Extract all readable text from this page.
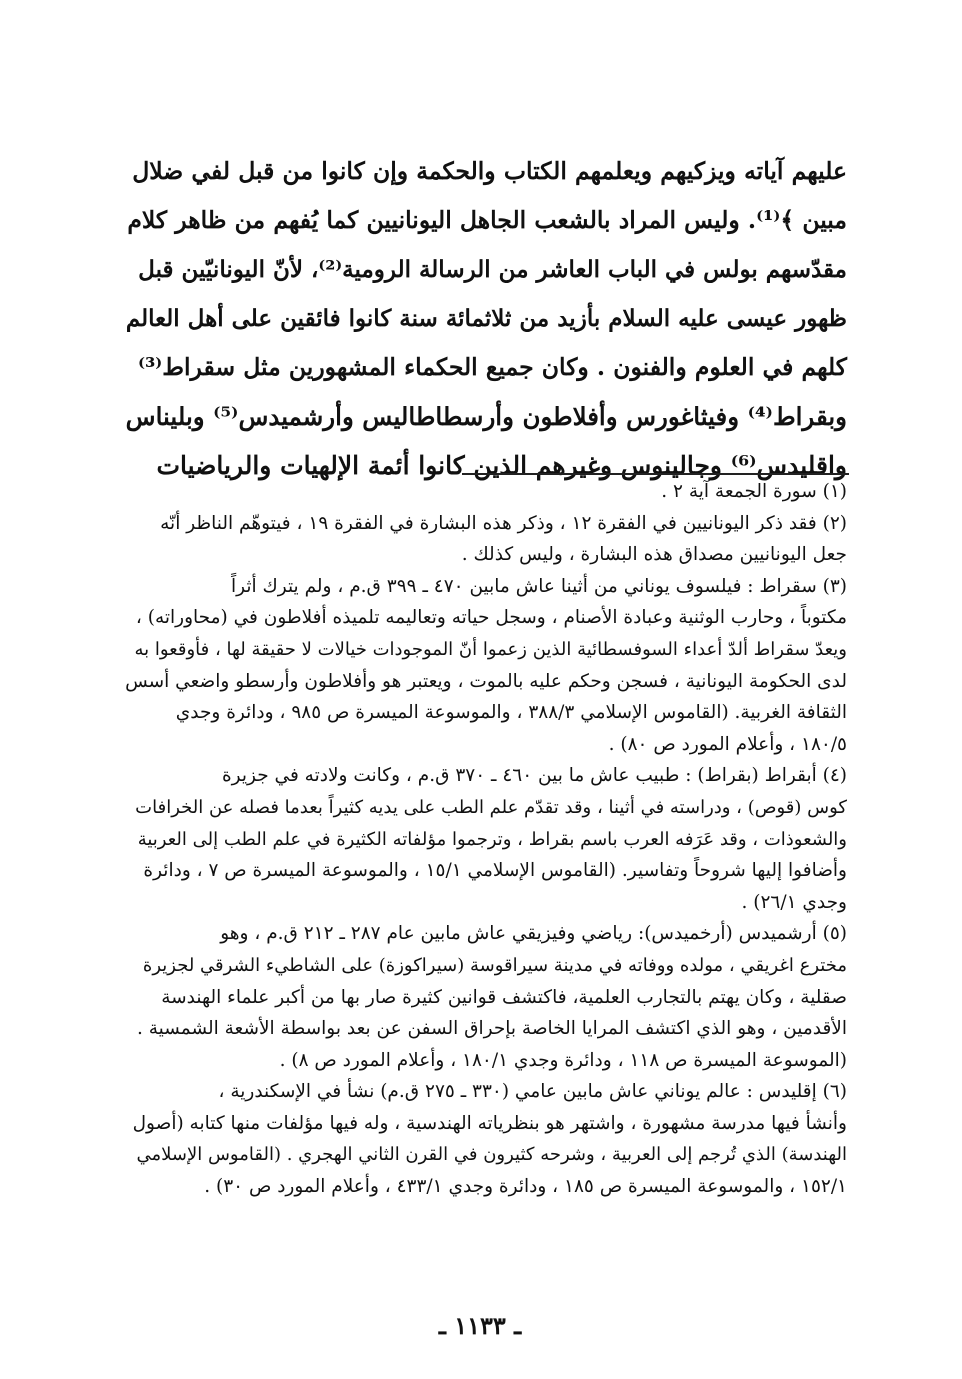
عليهم آياته ويزكيهم ويعلمهم الكتاب والحكمة وإن كانوا من قبل لفي ضلال
مبين ﴾⁽¹⁾. وليس المراد بالشعب الجاهل اليونانيين كما يُفهم من ظاهر كلام
مقدّسهم بولس في الباب العاشر من الرسالة الرومية⁽²⁾، لأنّ اليونانيّين قبل
ظهور عيسى عليه السلام بأزيد من ثلاثمائة سنة كانوا فائقين على أهل العالم
كلهم في العلوم والفنون . وكان جميع الحكماء المشهورين مثل سقراط⁽³⁾
وبقراط⁽⁴⁾ وفيثاغورس وأفلاطون وأرسطاطاليس وأرشميدس⁽⁵⁾ وبليناس
واقليدس⁽⁶⁾ وجالينوس وغيرهم الذين كانوا أئمة الإلهيات والرياضيات
(١) سورة الجمعة آية ٢ .
(٢) فقد ذكر اليونانيين في الفقرة ١٢ ، وذكر هذه البشارة في الفقرة ١٩ ، فيتوهّم الناظر أنّه
جعل اليونانيين مصداق هذه البشارة ، وليس كذلك .
(٣) سقراط : فيلسوف يوناني من أثينا عاش مابين ٤٧٠ ـ ٣٩٩ ق.م ، ولم يترك أثراً
مكتوباً ، وحارب الوثنية وعبادة الأصنام ، وسجل حياته وتعاليمه تلميذه أفلاطون في (محاوراته) ،
ويعدّ سقراط ألدّ أعداء السوفسطائية الذين زعموا أنّ الموجودات خيالات لا حقيقة لها ، فأوقعوا به
لدى الحكومة اليونانية ، فسجن وحكم عليه بالموت ، ويعتبر هو وأفلاطون وأرسطو واضعي أسس
الثقافة الغربية. (القاموس الإسلامي ٣٨٨/٣ ، والموسوعة الميسرة ص ٩٨٥ ، ودائرة وجدي
١٨٠/٥ ، وأعلام المورد ص ٨٠) .
(٤) أبقراط (بقراط) : طبيب عاش ما بين ٤٦٠ ـ ٣٧٠ ق.م ، وكانت ولادته في جزيرة
كوس (قوص) ، ودراسته في أثينا ، وقد تقدّم علم الطب على يديه كثيراً بعدما فصله عن الخرافات
والشعوذات ، وقد عَرَفه العرب باسم بقراط ، وترجموا مؤلفاته الكثيرة في علم الطب إلى العربية
وأضافوا إليها شروحاً وتفاسير. (القاموس الإسلامي ١٥/١ ، والموسوعة الميسرة ص ٧ ، ودائرة
وجدي ٢٦/١) .
(٥) أرشميدس (أرخميدس): رياضي وفيزيقي عاش مابين عام ٢٨٧ ـ ٢١٢ ق.م ، وهو
مخترع اغريقي ، مولده ووفاته في مدينة سيراقوسة (سيراكوزة) على الشاطيء الشرقي لجزيرة
صقلية ، وكان يهتم بالتجارب العلمية، فاكتشف قوانين كثيرة صار بها من أكبر علماء الهندسة
الأقدمين ، وهو الذي اكتشف المرايا الخاصة بإحراق السفن عن بعد بواسطة الأشعة الشمسية .
(الموسوعة الميسرة ص ١١٨ ، ودائرة وجدي ١٨٠/١ ، وأعلام المورد ص ٨) .
(٦) إقليدس : عالم يوناني عاش مابين عامي (٣٣٠ ـ ٢٧٥ ق.م) نشأ في الإسكندرية ،
وأنشأ فيها مدرسة مشهورة ، واشتهر هو بنظرياته الهندسية ، وله فيها مؤلفات منها كتابه (أصول
الهندسة) الذي تُرجم إلى العربية ، وشرحه كثيرون في القرن الثاني الهجري . (القاموس الإسلامي
١٥٢/١ ، والموسوعة الميسرة ص ١٨٥ ، ودائرة وجدي ٤٣٣/١ ، وأعلام المورد ص ٣٠) .
ـ ١١٣٣ ـ
